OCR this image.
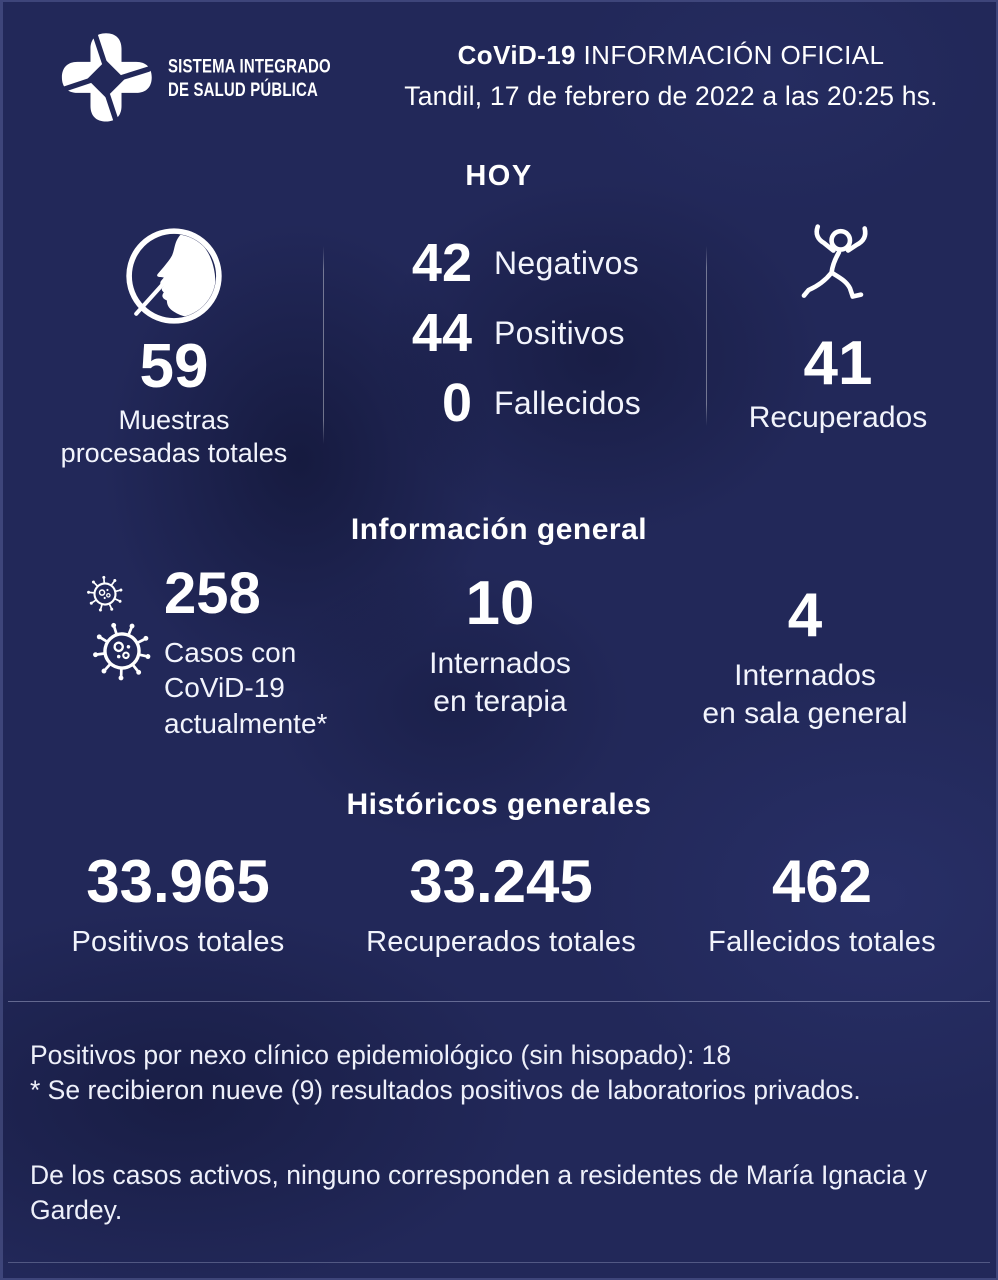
SISTEMA INTEGRADO
DE SALUD PÚBLICA
CoViD-19 INFORMACIÓN OFICIAL
Tandil, 17 de febrero de 2022 a las 20:25 hs.
HOY
59
Muestras
procesadas totales
42 Negativos
44 Positivos
0 Fallecidos
41
Recuperados
Información general
258
Casos con
CoViD-19
actualmente*
10
Internados
en terapia
4
Internados
en sala general
Históricos generales
33.965
Positivos totales
33.245
Recuperados totales
462
Fallecidos totales
Positivos por nexo clínico epidemiológico (sin hisopado): 18
* Se recibieron nueve (9) resultados positivos de laboratorios privados.
De los casos activos, ninguno corresponden a residentes de María Ignacia y Gardey.
